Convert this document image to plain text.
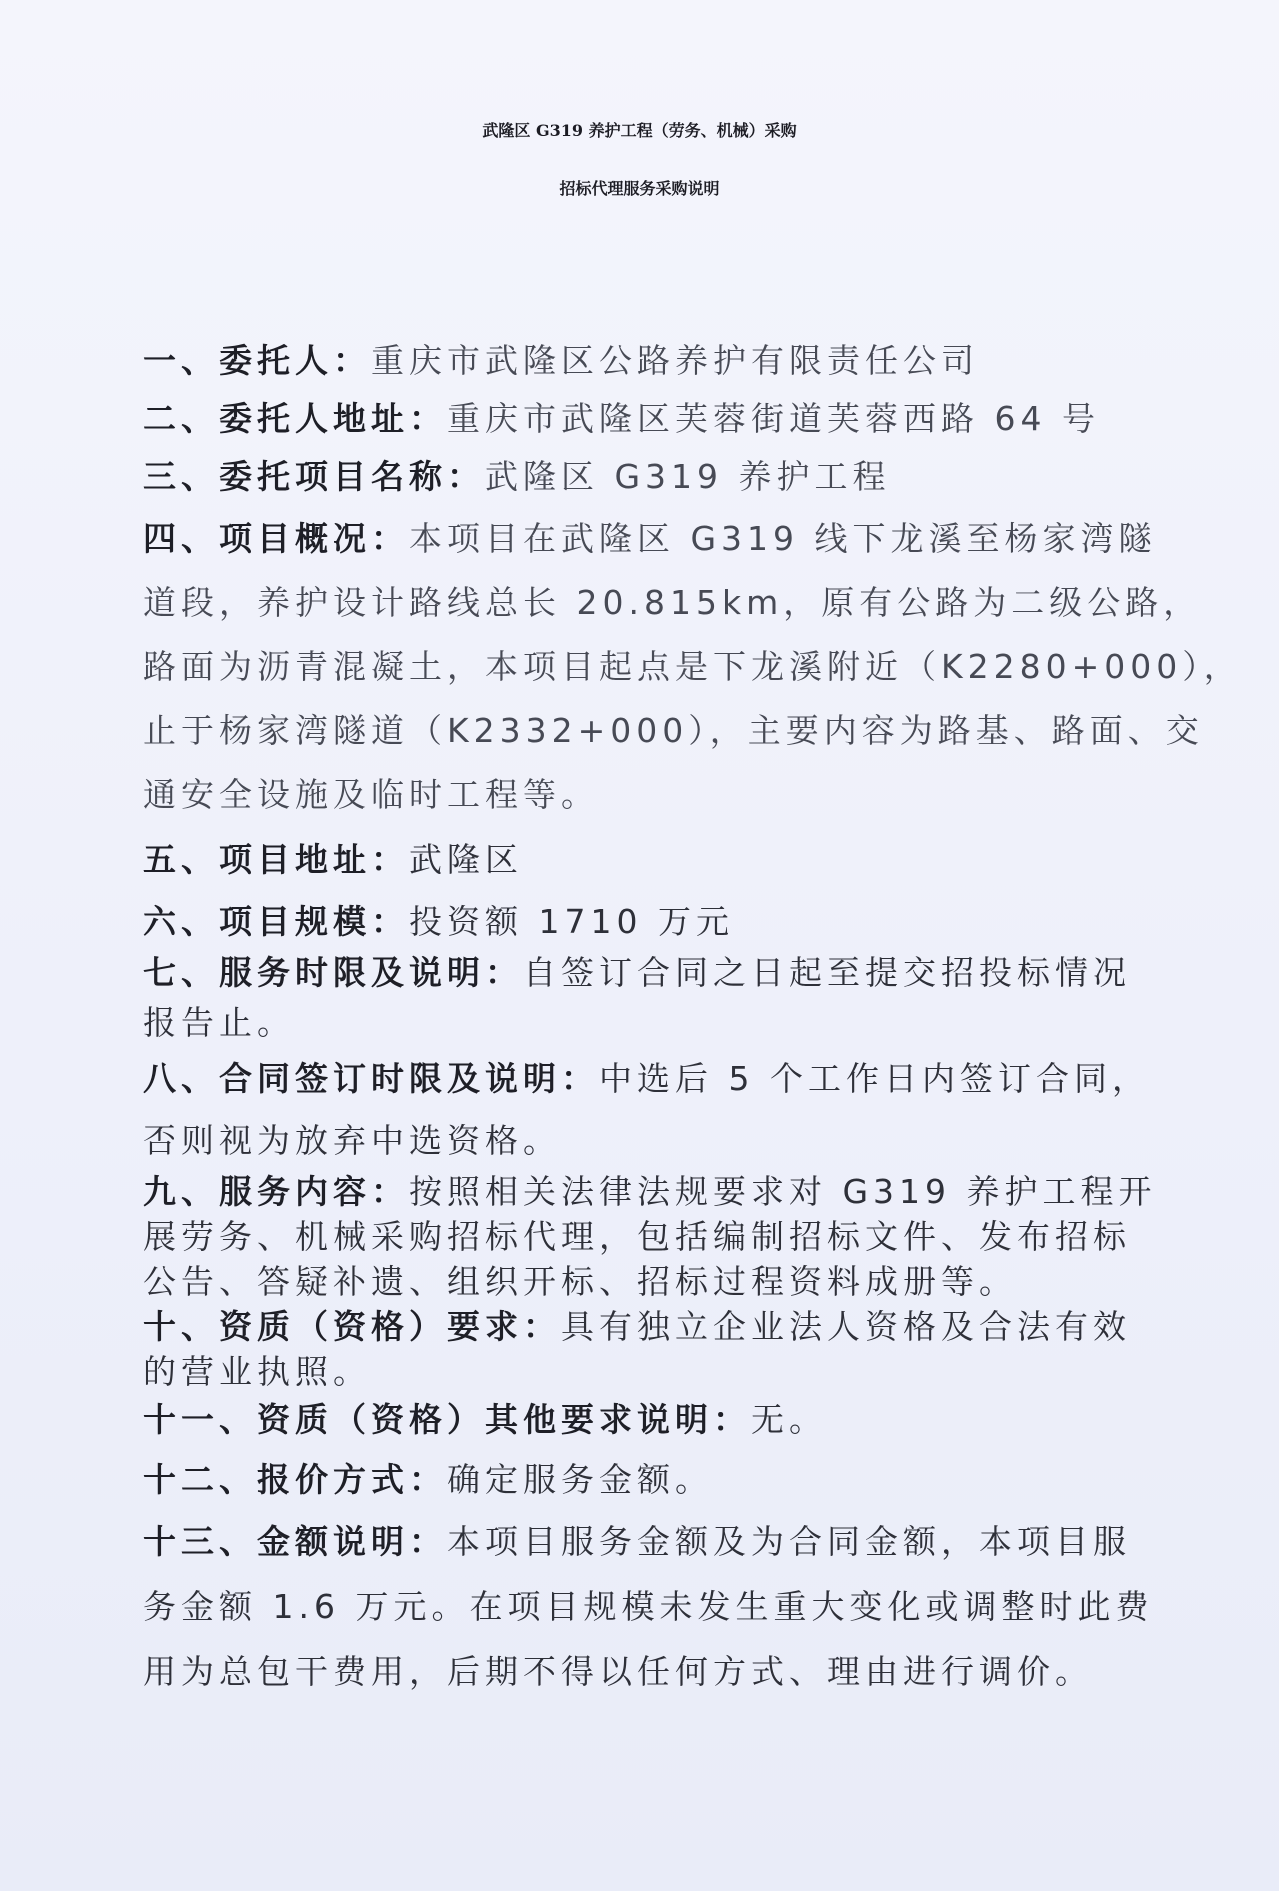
武隆区 G319 养护工程（劳务、机械）采购
招标代理服务采购说明
一、委托人：重庆市武隆区公路养护有限责任公司
二、委托人地址：重庆市武隆区芙蓉街道芙蓉西路 64 号
三、委托项目名称：武隆区 G319 养护工程
四、项目概况：本项目在武隆区 G319 线下龙溪至杨家湾隧
道段，养护设计路线总长 20.815km，原有公路为二级公路，
路面为沥青混凝土，本项目起点是下龙溪附近（K2280+000），
止于杨家湾隧道（K2332+000），主要内容为路基、路面、交
通安全设施及临时工程等。
五、项目地址：武隆区
六、项目规模：投资额 1710 万元
七、服务时限及说明：自签订合同之日起至提交招投标情况
报告止。
八、合同签订时限及说明：中选后 5 个工作日内签订合同，
否则视为放弃中选资格。
九、服务内容：按照相关法律法规要求对 G319 养护工程开
展劳务、机械采购招标代理，包括编制招标文件、发布招标
公告、答疑补遗、组织开标、招标过程资料成册等。
十、资质（资格）要求：具有独立企业法人资格及合法有效
的营业执照。
十一、资质（资格）其他要求说明：无。
十二、报价方式：确定服务金额。
十三、金额说明：本项目服务金额及为合同金额，本项目服
务金额 1.6 万元。在项目规模未发生重大变化或调整时此费
用为总包干费用，后期不得以任何方式、理由进行调价。
